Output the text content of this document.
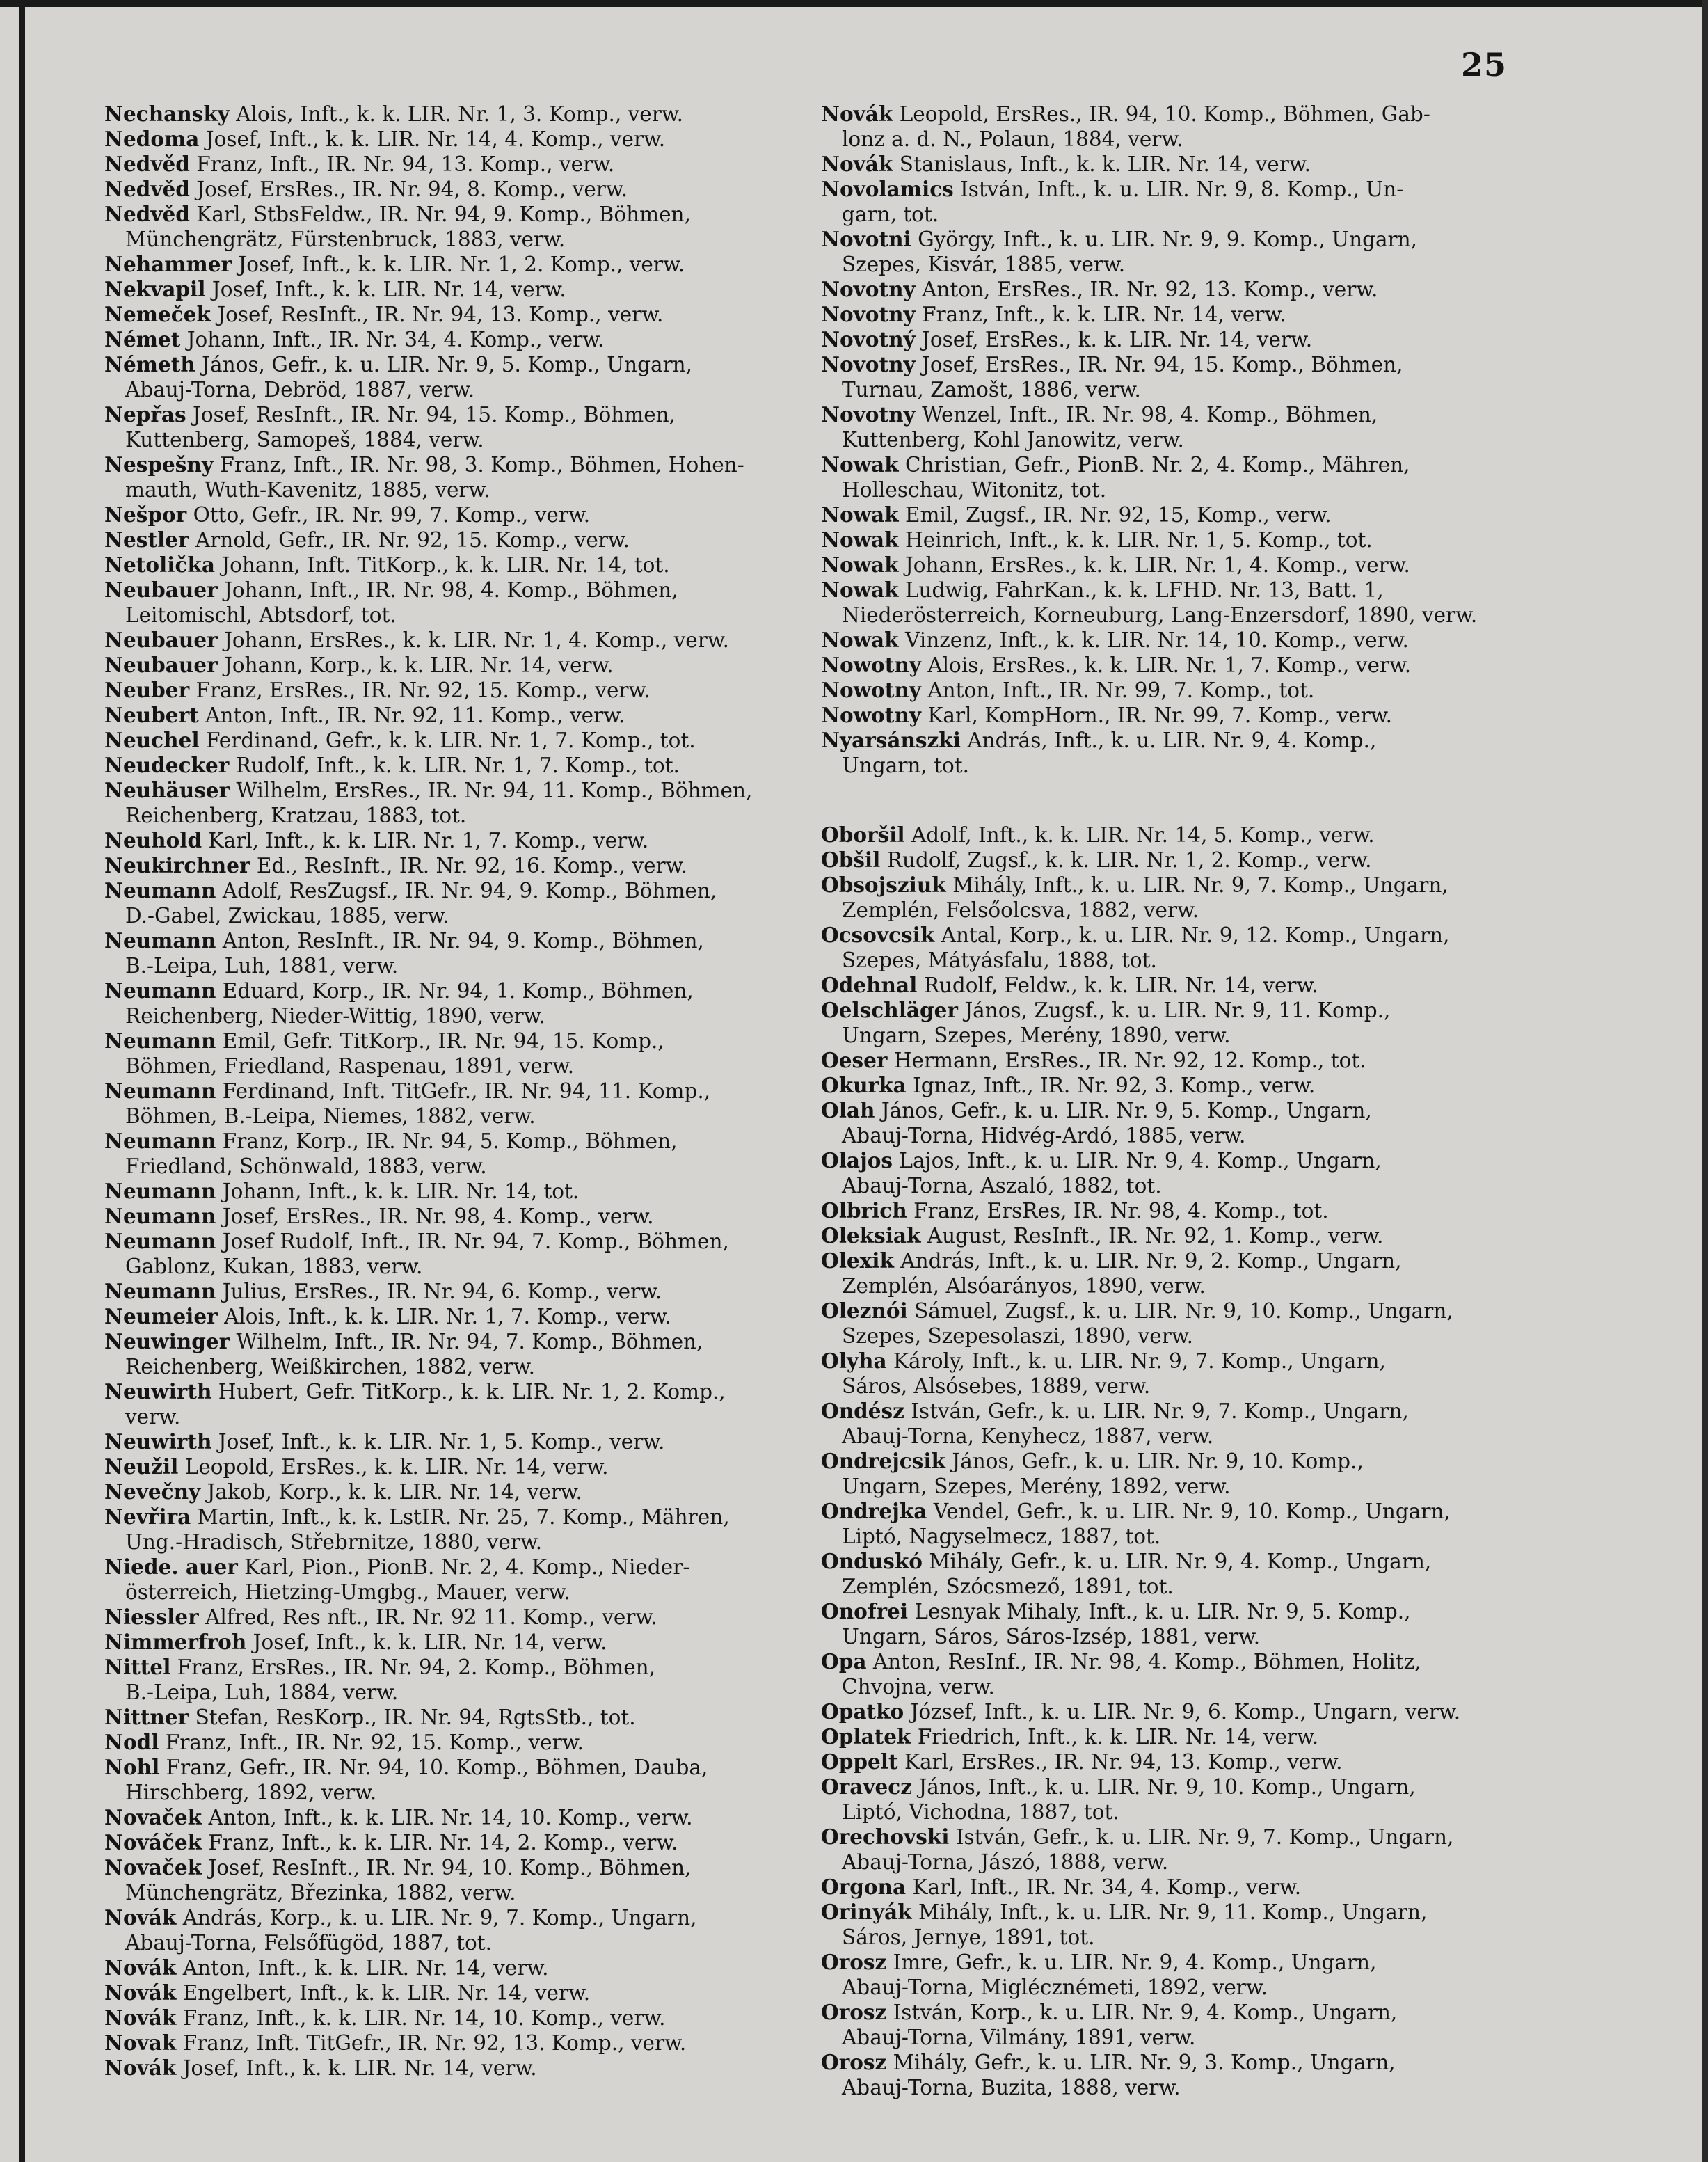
25

Nechansky Alois, Inft., k. k. LIR. Nr. 1, 3. Komp., verw.

Nedoma Josef, Inft., k. k. LIR. Nr. 14, 4. Komp., verw.

Nedvěd Franz, Inft., IR. Nr. 94, 13. Komp., verw.

Nedvěd Josef, ErsRes., IR. Nr. 94, 8. Komp., verw.

Nedvěd Karl, StbsFeldw., IR. Nr. 94, 9. Komp., Böhmen,
Münchengrätz, Fürstenbruck, 1883, verw.

Nehammer Josef, Inft., k. k. LIR. Nr. 1, 2. Komp., verw.

Nekvapil Josef, Inft., k. k. LIR. Nr. 14, verw.

Nemeček Josef, ResInft., IR. Nr. 94, 13. Komp., verw.

Német Johann, Inft., IR. Nr. 34, 4. Komp., verw.

Németh János, Gefr., k. u. LIR. Nr. 9, 5. Komp., Ungarn,
Abauj-Torna, Debröd, 1887, verw.

Nepřas Josef, ResInft., IR. Nr. 94, 15. Komp., Böhmen,
Kuttenberg, Samopeš, 1884, verw.

Nespešny Franz, Inft., IR. Nr. 98, 3. Komp., Böhmen, Hohen-
mauth, Wuth-Kavenitz, 1885, verw.

Nešpor Otto, Gefr., IR. Nr. 99, 7. Komp., verw.

Nestler Arnold, Gefr., IR. Nr. 92, 15. Komp., verw.

Netolička Johann, Inft. TitKorp., k. k. LIR. Nr. 14, tot.

Neubauer Johann, Inft., IR. Nr. 98, 4. Komp., Böhmen,
Leitomischl, Abtsdorf, tot.

Neubauer Johann, ErsRes., k. k. LIR. Nr. 1, 4. Komp., verw.

Neubauer Johann, Korp., k. k. LIR. Nr. 14, verw.

Neuber Franz, ErsRes., IR. Nr. 92, 15. Komp., verw.

Neubert Anton, Inft., IR. Nr. 92, 11. Komp., verw.

Neuchel Ferdinand, Gefr., k. k. LIR. Nr. 1, 7. Komp., tot.

Neudecker Rudolf, Inft., k. k. LIR. Nr. 1, 7. Komp., tot.

Neuhäuser Wilhelm, ErsRes., IR. Nr. 94, 11. Komp., Böhmen,
Reichenberg, Kratzau, 1883, tot.

Neuhold Karl, Inft., k. k. LIR. Nr. 1, 7. Komp., verw.

Neukirchner Ed., ResInft., IR. Nr. 92, 16. Komp., verw.

Neumann Adolf, ResZugsf., IR. Nr. 94, 9. Komp., Böhmen,
D.-Gabel, Zwickau, 1885, verw.

Neumann Anton, ResInft., IR. Nr. 94, 9. Komp., Böhmen,
B.-Leipa, Luh, 1881, verw.

Neumann Eduard, Korp., IR. Nr. 94, 1. Komp., Böhmen,
Reichenberg, Nieder-Wittig, 1890, verw.

Neumann Emil, Gefr. TitKorp., IR. Nr. 94, 15. Komp.,
Böhmen, Friedland, Raspenau, 1891, verw.

Neumann Ferdinand, Inft. TitGefr., IR. Nr. 94, 11. Komp.,
Böhmen, B.-Leipa, Niemes, 1882, verw.

Neumann Franz, Korp., IR. Nr. 94, 5. Komp., Böhmen,
Friedland, Schönwald, 1883, verw.

Neumann Johann, Inft., k. k. LIR. Nr. 14, tot.

Neumann Josef, ErsRes., IR. Nr. 98, 4. Komp., verw.

Neumann Josef Rudolf, Inft., IR. Nr. 94, 7. Komp., Böhmen,
Gablonz, Kukan, 1883, verw.

Neumann Julius, ErsRes., IR. Nr. 94, 6. Komp., verw.

Neumeier Alois, Inft., k. k. LIR. Nr. 1, 7. Komp., verw.

Neuwinger Wilhelm, Inft., IR. Nr. 94, 7. Komp., Böhmen,
Reichenberg, Weißkirchen, 1882, verw.

Neuwirth Hubert, Gefr. TitKorp., k. k. LIR. Nr. 1, 2. Komp.,
verw.

Neuwirth Josef, Inft., k. k. LIR. Nr. 1, 5. Komp., verw.

Neužil Leopold, ErsRes., k. k. LIR. Nr. 14, verw.

Nevečny Jakob, Korp., k. k. LIR. Nr. 14, verw.

Nevřira Martin, Inft., k. k. LstIR. Nr. 25, 7. Komp., Mähren,
Ung.-Hradisch, Střebrnitze, 1880, verw.

Niede. auer Karl, Pion., PionB. Nr. 2, 4. Komp., Nieder-
österreich, Hietzing-Umgbg., Mauer, verw.

Niessler Alfred, Res nft., IR. Nr. 92 11. Komp., verw.

Nimmerfroh Josef, Inft., k. k. LIR. Nr. 14, verw.

Nittel Franz, ErsRes., IR. Nr. 94, 2. Komp., Böhmen,
B.-Leipa, Luh, 1884, verw.

Nittner Stefan, ResKorp., IR. Nr. 94, RgtsStb., tot.

Nodl Franz, Inft., IR. Nr. 92, 15. Komp., verw.

Nohl Franz, Gefr., IR. Nr. 94, 10. Komp., Böhmen, Dauba,
Hirschberg, 1892, verw.

Novaček Anton, Inft., k. k. LIR. Nr. 14, 10. Komp., verw.

Nováček Franz, Inft., k. k. LIR. Nr. 14, 2. Komp., verw.

Novaček Josef, ResInft., IR. Nr. 94, 10. Komp., Böhmen,
Münchengrätz, Březinka, 1882, verw.

Novák András, Korp., k. u. LIR. Nr. 9, 7. Komp., Ungarn,
Abauj-Torna, Felsőfügöd, 1887, tot.

Novák Anton, Inft., k. k. LIR. Nr. 14, verw.

Novák Engelbert, Inft., k. k. LIR. Nr. 14, verw.

Novák Franz, Inft., k. k. LIR. Nr. 14, 10. Komp., verw.

Novak Franz, Inft. TitGefr., IR. Nr. 92, 13. Komp., verw.

Novák Josef, Inft., k. k. LIR. Nr. 14, verw.

Novák Leopold, ErsRes., IR. 94, 10. Komp., Böhmen, Gab-
lonz a. d. N., Polaun, 1884, verw.

Novák Stanislaus, Inft., k. k. LIR. Nr. 14, verw.

Novolamics István, Inft., k. u. LIR. Nr. 9, 8. Komp., Un-
garn, tot.

Novotni György, Inft., k. u. LIR. Nr. 9, 9. Komp., Ungarn,
Szepes, Kisvár, 1885, verw.

Novotny Anton, ErsRes., IR. Nr. 92, 13. Komp., verw.

Novotny Franz, Inft., k. k. LIR. Nr. 14, verw.

Novotný Josef, ErsRes., k. k. LIR. Nr. 14, verw.

Novotny Josef, ErsRes., IR. Nr. 94, 15. Komp., Böhmen,
Turnau, Zamošt, 1886, verw.

Novotny Wenzel, Inft., IR. Nr. 98, 4. Komp., Böhmen,
Kuttenberg, Kohl Janowitz, verw.

Nowak Christian, Gefr., PionB. Nr. 2, 4. Komp., Mähren,
Holleschau, Witonitz, tot.

Nowak Emil, Zugsf., IR. Nr. 92, 15, Komp., verw.

Nowak Heinrich, Inft., k. k. LIR. Nr. 1, 5. Komp., tot.

Nowak Johann, ErsRes., k. k. LIR. Nr. 1, 4. Komp., verw.

Nowak Ludwig, FahrKan., k. k. LFHD. Nr. 13, Batt. 1,
Niederösterreich, Korneuburg, Lang-Enzersdorf, 1890, verw.

Nowak Vinzenz, Inft., k. k. LIR. Nr. 14, 10. Komp., verw.

Nowotny Alois, ErsRes., k. k. LIR. Nr. 1, 7. Komp., verw.

Nowotny Anton, Inft., IR. Nr. 99, 7. Komp., tot.

Nowotny Karl, KompHorn., IR. Nr. 99, 7. Komp., verw.

Nyarsánszki András, Inft., k. u. LIR. Nr. 9, 4. Komp.,
Ungarn, tot.

Oboršil Adolf, Inft., k. k. LIR. Nr. 14, 5. Komp., verw.

Obšil Rudolf, Zugsf., k. k. LIR. Nr. 1, 2. Komp., verw.

Obsojsziuk Mihály, Inft., k. u. LIR. Nr. 9, 7. Komp., Ungarn,
Zemplén, Felsőolcsva, 1882, verw.

Ocsovcsik Antal, Korp., k. u. LIR. Nr. 9, 12. Komp., Ungarn,
Szepes, Mátyásfalu, 1888, tot.

Odehnal Rudolf, Feldw., k. k. LIR. Nr. 14, verw.

Oelschläger János, Zugsf., k. u. LIR. Nr. 9, 11. Komp.,
Ungarn, Szepes, Merény, 1890, verw.

Oeser Hermann, ErsRes., IR. Nr. 92, 12. Komp., tot.

Okurka Ignaz, Inft., IR. Nr. 92, 3. Komp., verw.

Olah János, Gefr., k. u. LIR. Nr. 9, 5. Komp., Ungarn,
Abauj-Torna, Hidvég-Ardó, 1885, verw.

Olajos Lajos, Inft., k. u. LIR. Nr. 9, 4. Komp., Ungarn,
Abauj-Torna, Aszaló, 1882, tot.

Olbrich Franz, ErsRes, IR. Nr. 98, 4. Komp., tot.

Oleksiak August, ResInft., IR. Nr. 92, 1. Komp., verw.

Olexik András, Inft., k. u. LIR. Nr. 9, 2. Komp., Ungarn,
Zemplén, Alsóarányos, 1890, verw.

Oleznói Sámuel, Zugsf., k. u. LIR. Nr. 9, 10. Komp., Ungarn,
Szepes, Szepesolaszi, 1890, verw.

Olyha Károly, Inft., k. u. LIR. Nr. 9, 7. Komp., Ungarn,
Sáros, Alsósebes, 1889, verw.

Ondész István, Gefr., k. u. LIR. Nr. 9, 7. Komp., Ungarn,
Abauj-Torna, Kenyhecz, 1887, verw.

Ondrejcsik János, Gefr., k. u. LIR. Nr. 9, 10. Komp.,
Ungarn, Szepes, Merény, 1892, verw.

Ondrejka Vendel, Gefr., k. u. LIR. Nr. 9, 10. Komp., Ungarn,
Liptó, Nagyselmecz, 1887, tot.

Onduskó Mihály, Gefr., k. u. LIR. Nr. 9, 4. Komp., Ungarn,
Zemplén, Szócsmező, 1891, tot.

Onofrei Lesnyak Mihaly, Inft., k. u. LIR. Nr. 9, 5. Komp.,
Ungarn, Sáros, Sáros-Izsép, 1881, verw.

Opa Anton, ResInf., IR. Nr. 98, 4. Komp., Böhmen, Holitz,
Chvojna, verw.

Opatko József, Inft., k. u. LIR. Nr. 9, 6. Komp., Ungarn, verw.

Oplatek Friedrich, Inft., k. k. LIR. Nr. 14, verw.

Oppelt Karl, ErsRes., IR. Nr. 94, 13. Komp., verw.

Oravecz János, Inft., k. u. LIR. Nr. 9, 10. Komp., Ungarn,
Liptó, Vichodna, 1887, tot.

Orechovski István, Gefr., k. u. LIR. Nr. 9, 7. Komp., Ungarn,
Abauj-Torna, Jászó, 1888, verw.

Orgona Karl, Inft., IR. Nr. 34, 4. Komp., verw.

Orinyák Mihály, Inft., k. u. LIR. Nr. 9, 11. Komp., Ungarn,
Sáros, Jernye, 1891, tot.

Orosz Imre, Gefr., k. u. LIR. Nr. 9, 4. Komp., Ungarn,
Abauj-Torna, Miglécznémeti, 1892, verw.

Orosz István, Korp., k. u. LIR. Nr. 9, 4. Komp., Ungarn,
Abauj-Torna, Vilmány, 1891, verw.

Orosz Mihály, Gefr., k. u. LIR. Nr. 9, 3. Komp., Ungarn,
Abauj-Torna, Buzita, 1888, verw.
